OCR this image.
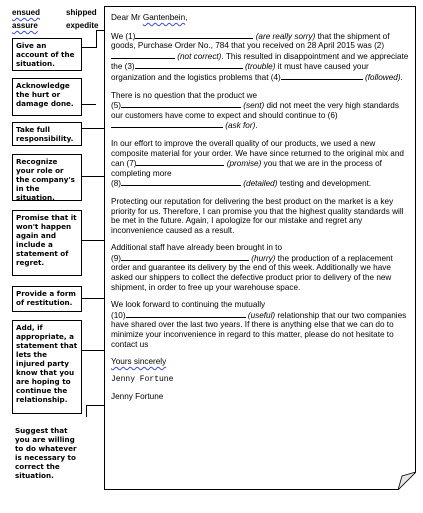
ensued	shipped
assure	expedite
Give an account of the situation.
Acknowledge the hurt or damage done.
Take full responsibility.
Recognize your role or the company's in the situation.
Promise that it won't happen again and include a statement of regret.
Provide a form of restitution.
Add, if appropriate, a statement that lets the injured party know that you are hoping to continue the relationship.
Suggest that you are willing to do whatever is necessary to correct the situation.

Dear Mr Gantenbein,

We (1)	(are really sorry) that the shipment of goods, Purchase Order No., 784 that you received on 28 April 2015 was (2) (not correct). This resulted in disappointment and we appreciate the (3)	(trouble) it must have caused your organization and the logistics problems that (4)	(followed).

There is no question that the product we
(5)	(sent) did not meet the very high standards our customers have come to expect and should continue to (6) (ask for).

In our effort to improve the overall quality of our products, we used a new composite material for your order. We have since returned to the original mix and can (7)	(promise) you that we are in the process of completing more
(8)	(detailed) testing and development.

Protecting our reputation for delivering the best product on the market is a key priority for us. Therefore, I can promise you that the highest quality standards will be met in the future. Again, I apologize for our mistake and regret any inconvenience caused as a result.

Additional staff have already been brought in to
(9)	(hurry) the production of a replacement order and guarantee its delivery by the end of this week. Additionally we have asked our shippers to collect the defective product prior to delivery of the new shipment, in order to free up your warehouse space.

We look forward to continuing the mutually
(10)	(useful) relationship that our two companies have shared over the last two years. If there is anything else that we can do to minimize your inconvenience in regard to this matter, please do not hesitate to contact us

Yours sincerely

Jenny Fortune

Jenny Fortune
